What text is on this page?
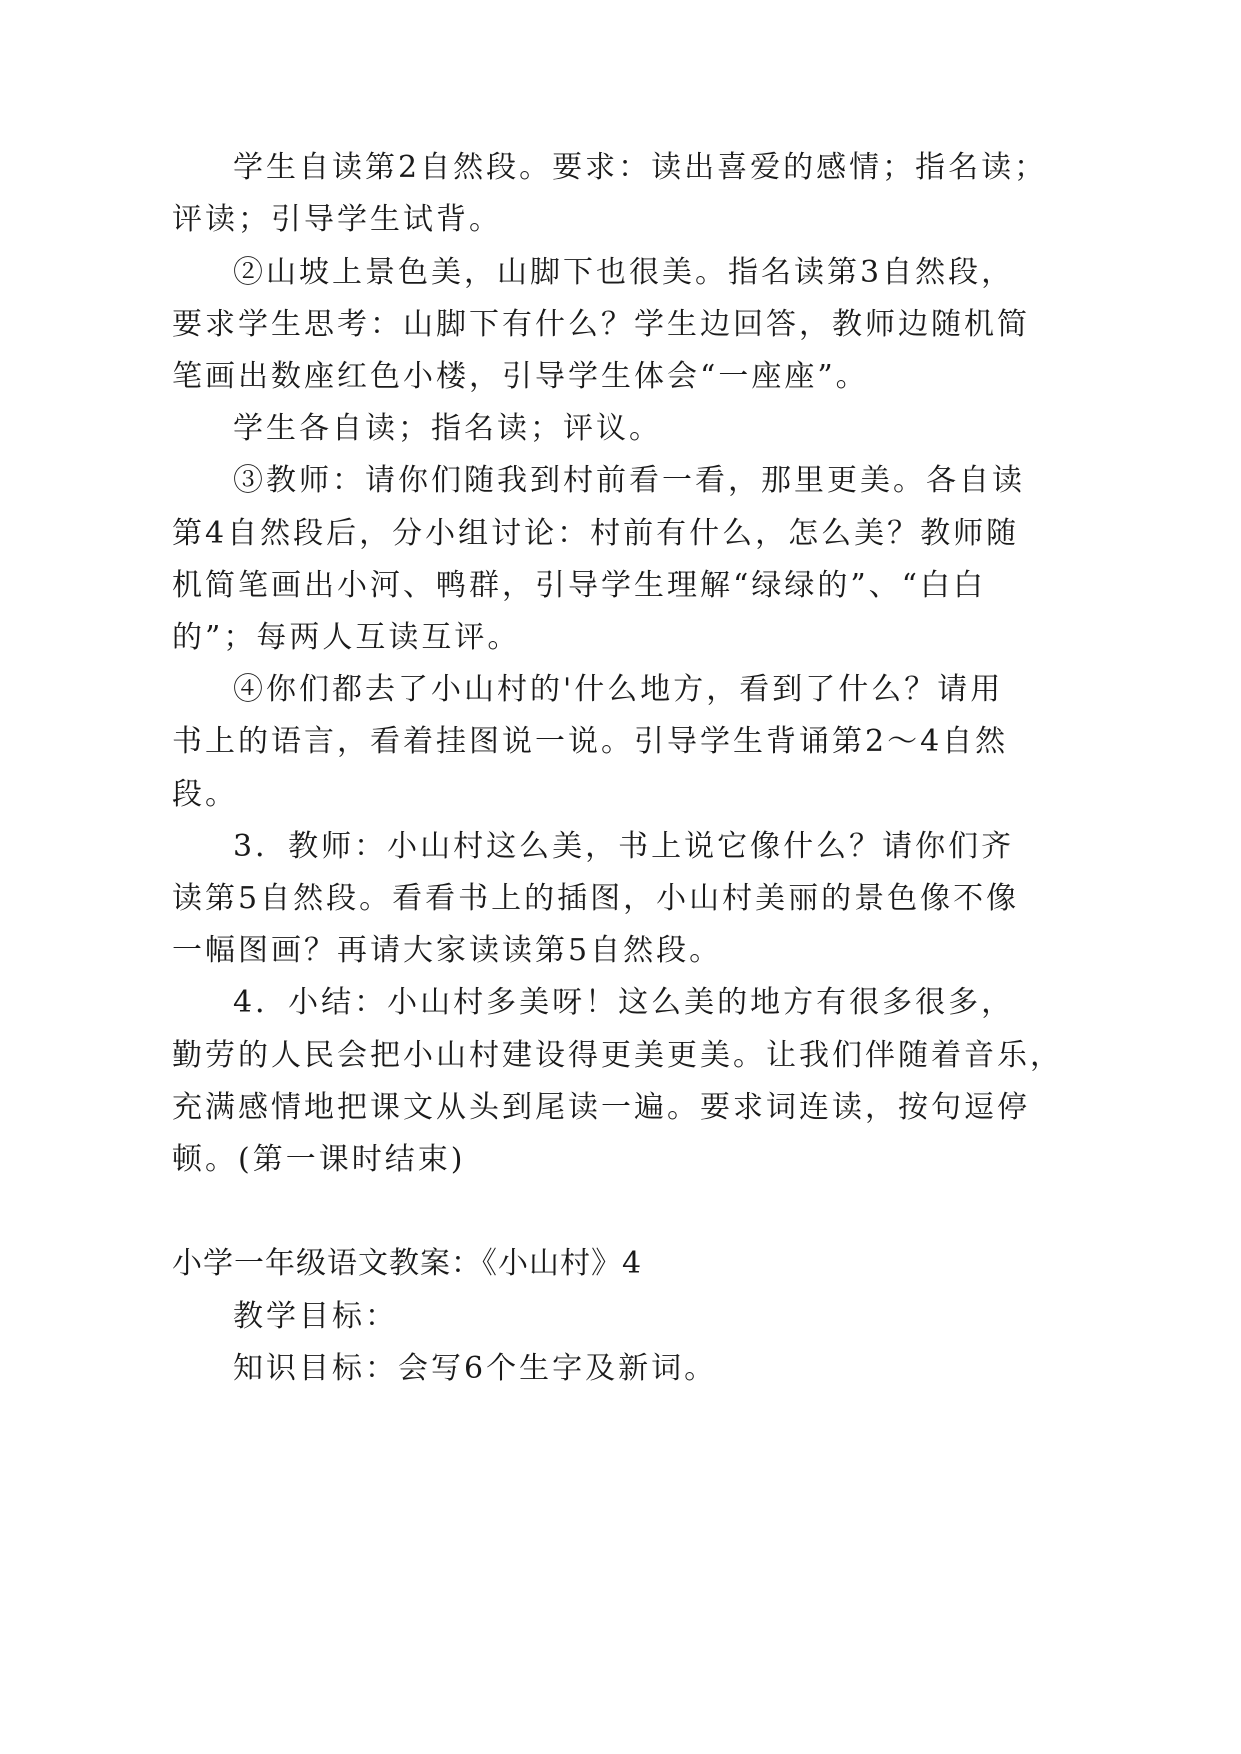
学生自读第2自然段。要求：读出喜爱的感情；指名读；

评读；引导学生试背。

②山坡上景色美，山脚下也很美。指名读第3自然段，

要求学生思考：山脚下有什么？学生边回答，教师边随机简

笔画出数座红色小楼，引导学生体会“一座座”。

学生各自读；指名读；评议。

③教师：请你们随我到村前看一看，那里更美。各自读

第4自然段后，分小组讨论：村前有什么，怎么美？教师随

机简笔画出小河、鸭群，引导学生理解“绿绿的”、“白白

的”；每两人互读互评。

④你们都去了小山村的'什么地方，看到了什么？请用

书上的语言，看着挂图说一说。引导学生背诵第2～4自然

段。

3．教师：小山村这么美，书上说它像什么？请你们齐

读第5自然段。看看书上的插图，小山村美丽的景色像不像

一幅图画？再请大家读读第5自然段。

4．小结：小山村多美呀！这么美的地方有很多很多，

勤劳的人民会把小山村建设得更美更美。让我们伴随着音乐，

充满感情地把课文从头到尾读一遍。要求词连读，按句逗停

顿。(第一课时结束)

小学一年级语文教案：《小山村》4

教学目标：

知识目标：会写6个生字及新词。
